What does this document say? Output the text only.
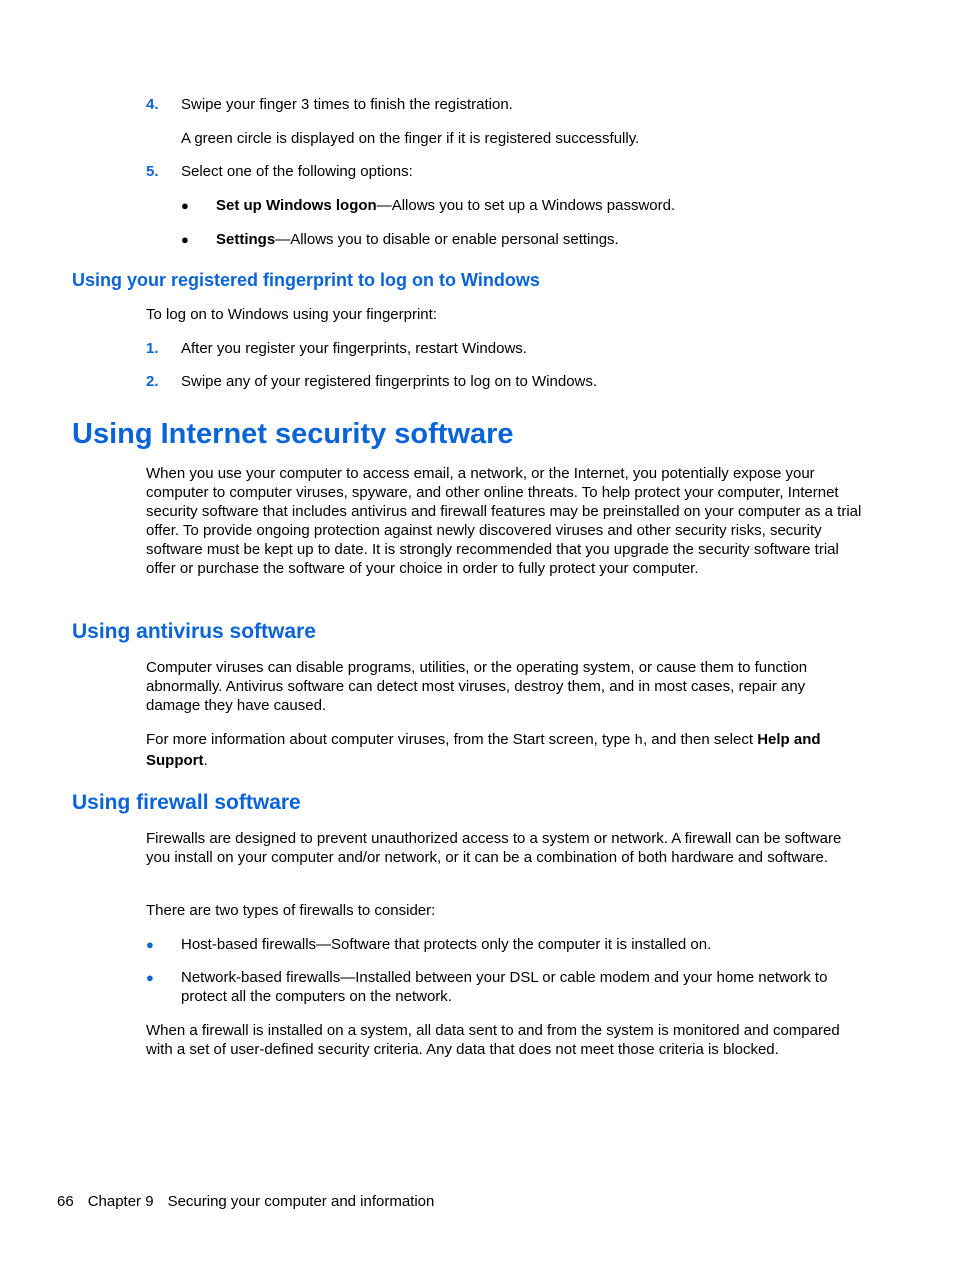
4. Swipe your finger 3 times to finish the registration.

A green circle is displayed on the finger if it is registered successfully.

5. Select one of the following options:

● Set up Windows logon—Allows you to set up a Windows password.

● Settings—Allows you to disable or enable personal settings.

Using your registered fingerprint to log on to Windows

To log on to Windows using your fingerprint:

1. After you register your fingerprints, restart Windows.

2. Swipe any of your registered fingerprints to log on to Windows.

Using Internet security software

When you use your computer to access email, a network, or the Internet, you potentially expose your computer to computer viruses, spyware, and other online threats. To help protect your computer, Internet security software that includes antivirus and firewall features may be preinstalled on your computer as a trial offer. To provide ongoing protection against newly discovered viruses and other security risks, security software must be kept up to date. It is strongly recommended that you upgrade the security software trial offer or purchase the software of your choice in order to fully protect your computer.

Using antivirus software

Computer viruses can disable programs, utilities, or the operating system, or cause them to function abnormally. Antivirus software can detect most viruses, destroy them, and in most cases, repair any damage they have caused.

For more information about computer viruses, from the Start screen, type h, and then select Help and Support.

Using firewall software

Firewalls are designed to prevent unauthorized access to a system or network. A firewall can be software you install on your computer and/or network, or it can be a combination of both hardware and software.

There are two types of firewalls to consider:

● Host-based firewalls—Software that protects only the computer it is installed on.

● Network-based firewalls—Installed between your DSL or cable modem and your home network to protect all the computers on the network.

When a firewall is installed on a system, all data sent to and from the system is monitored and compared with a set of user-defined security criteria. Any data that does not meet those criteria is blocked.

66 Chapter 9 Securing your computer and information
